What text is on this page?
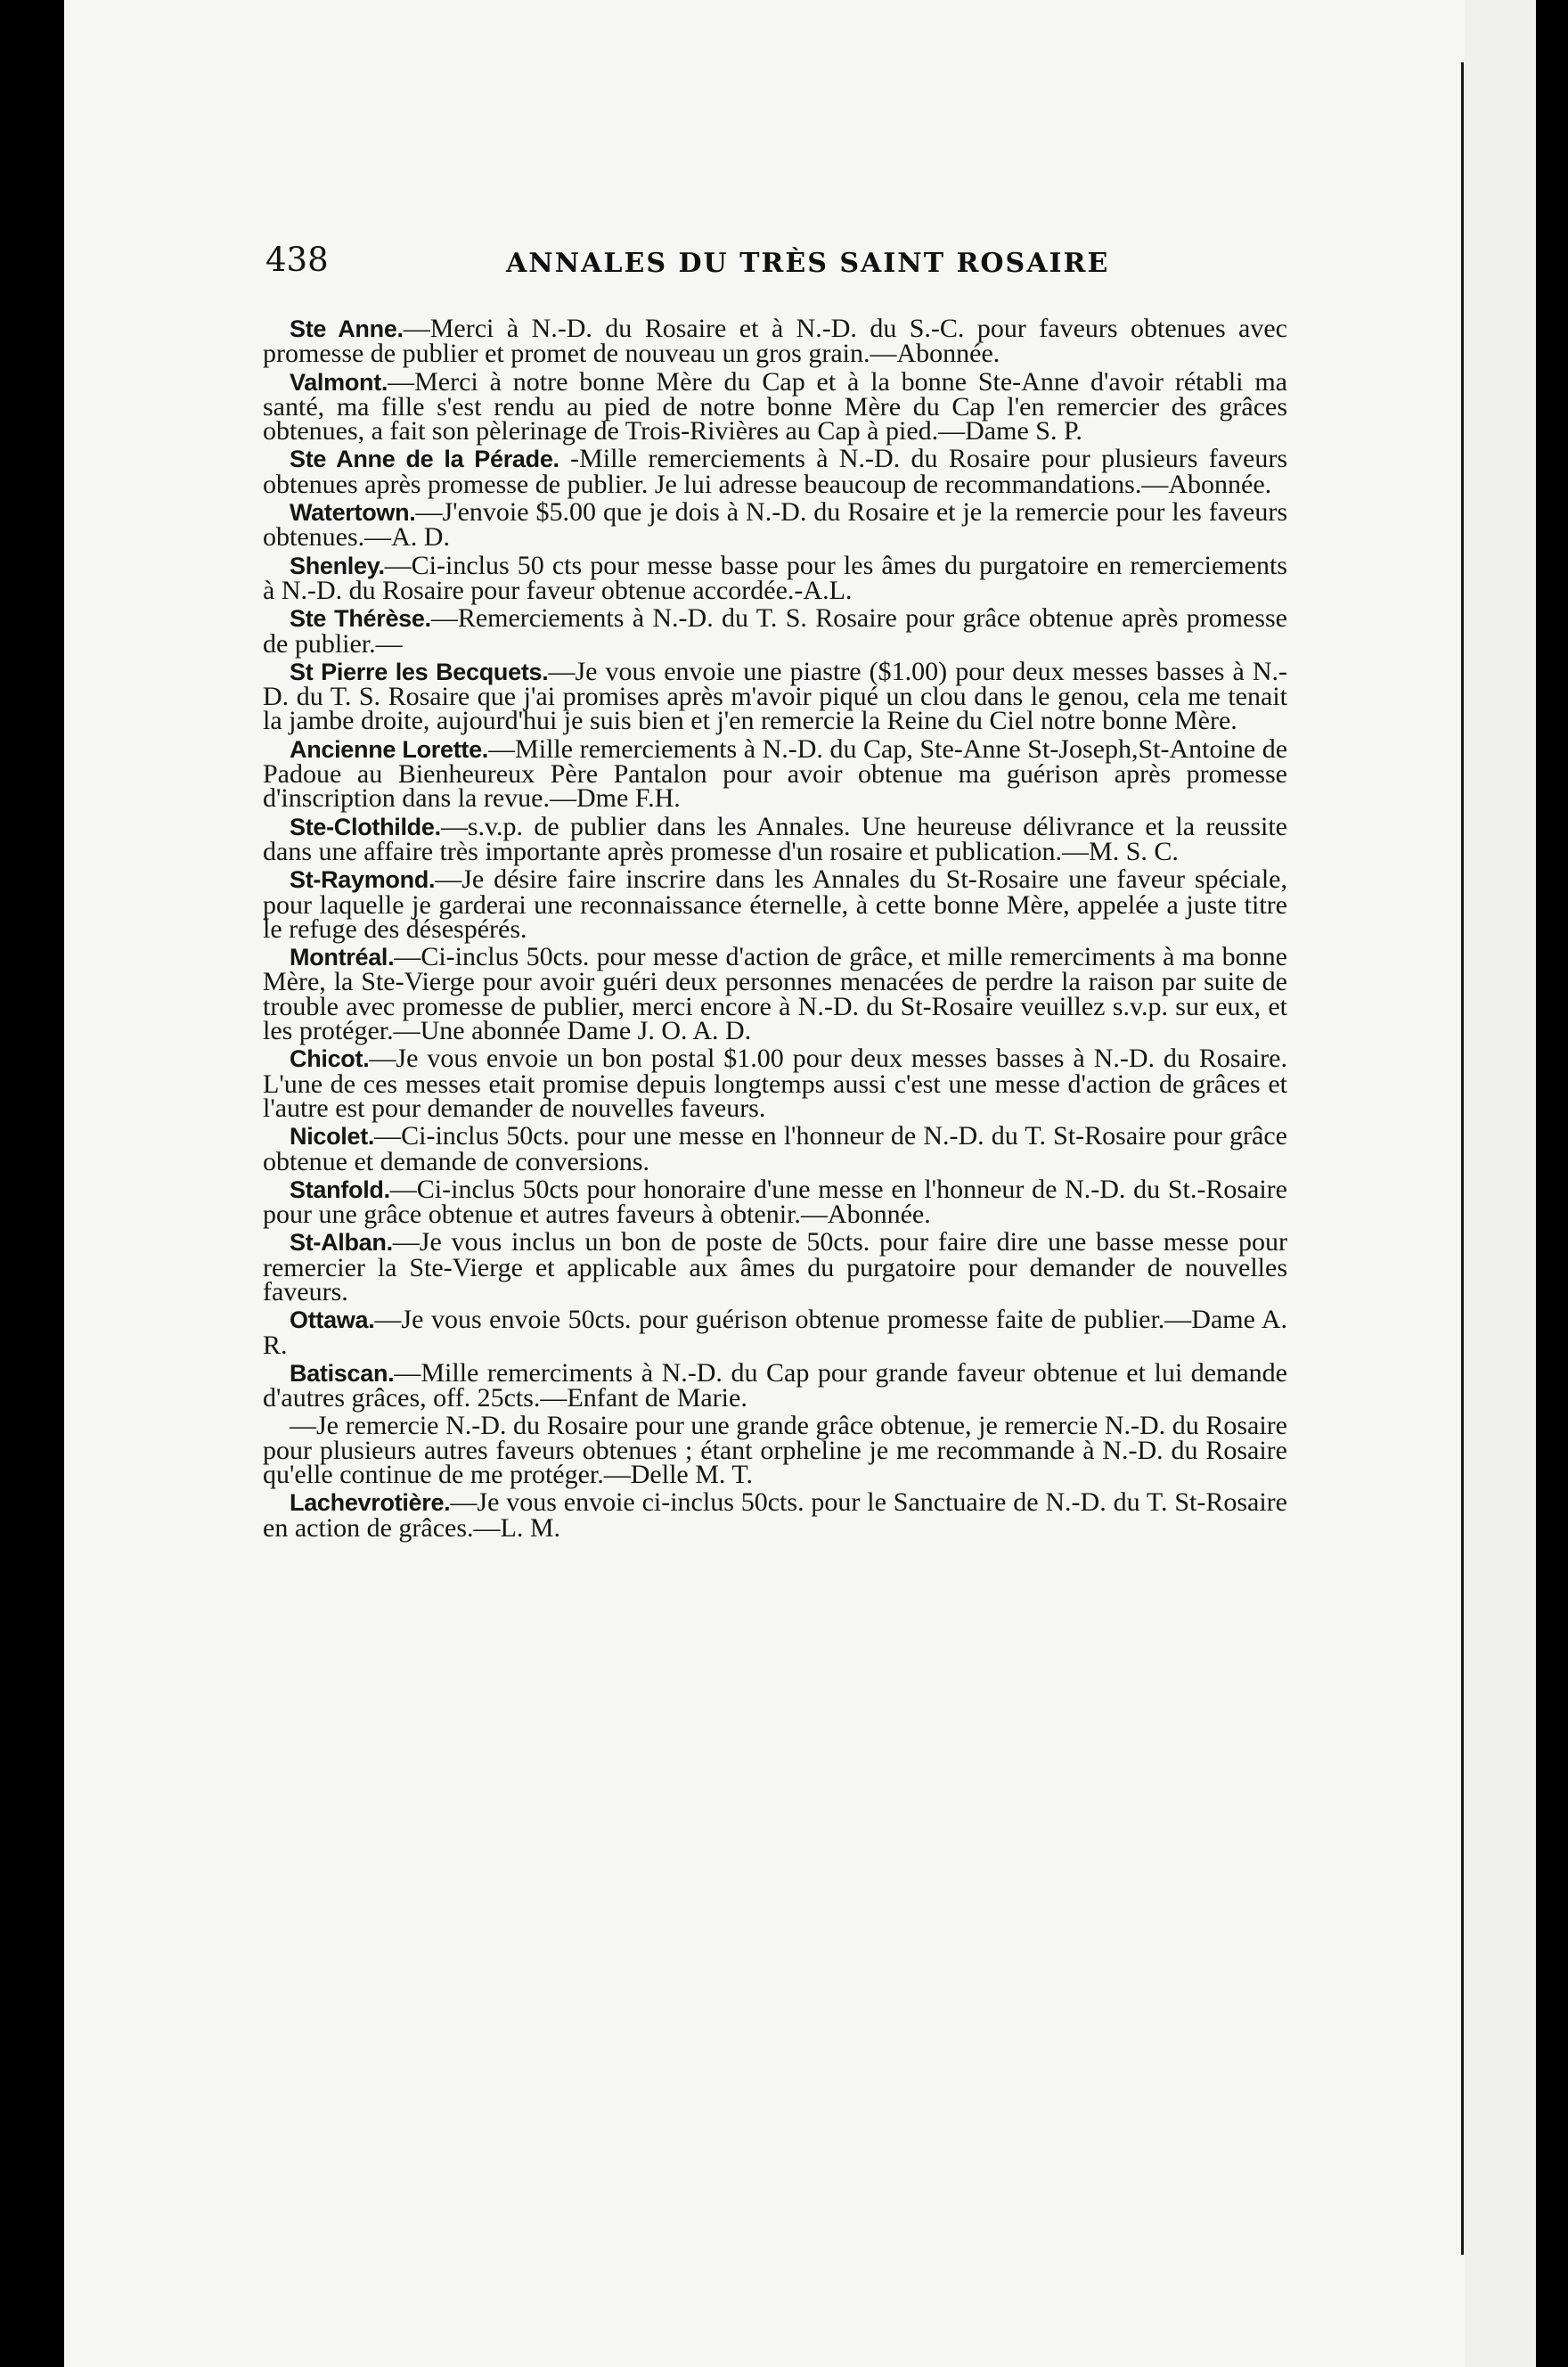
438	ANNALES DU TRÈS SAINT ROSAIRE

Ste Anne.—Merci à N.-D. du Rosaire et à N.-D. du S.-C. pour faveurs obtenues avec promesse de publier et promet de nouveau un gros grain.—Abonnée.

Valmont.—Merci à notre bonne Mère du Cap et à la bonne Ste-Anne d'avoir rétabli ma santé, ma fille s'est rendu au pied de notre bonne Mère du Cap l'en remercier des grâces obtenues, a fait son pèlerinage de Trois-Rivières au Cap à pied.—Dame S. P.

Ste Anne de la Pérade. -Mille remerciements à N.-D. du Rosaire pour plusieurs faveurs obtenues après promesse de publier. Je lui adresse beaucoup de recommandations.—Abonnée.

Watertown.—J'envoie $5.00 que je dois à N.-D. du Rosaire et je la remercie pour les faveurs obtenues.—A. D.

Shenley.—Ci-inclus 50 cts pour messe basse pour les âmes du purgatoire en remerciements à N.-D. du Rosaire pour faveur obtenue accordée.-A.L.

Ste Thérèse.—Remerciements à N.-D. du T. S. Rosaire pour grâce obtenue après promesse de publier.—

St Pierre les Becquets.—Je vous envoie une piastre ($1.00) pour deux messes basses à N.-D. du T. S. Rosaire que j'ai promises après m'avoir piqué un clou dans le genou, cela me tenait la jambe droite, aujourd'hui je suis bien et j'en remercie la Reine du Ciel notre bonne Mère.

Ancienne Lorette.—Mille remerciements à N.-D. du Cap, Ste-Anne St-Joseph,St-Antoine de Padoue au Bienheureux Père Pantalon pour avoir obtenue ma guérison après promesse d'inscription dans la revue.—Dme F.H.

Ste-Clothilde.—s.v.p. de publier dans les Annales. Une heureuse délivrance et la reussite dans une affaire très importante après promesse d'un rosaire et publication.—M. S. C.

St-Raymond.—Je désire faire inscrire dans les Annales du St-Rosaire une faveur spéciale, pour laquelle je garderai une reconnaissance éternelle, à cette bonne Mère, appelée a juste titre le refuge des désespérés.

Montréal.—Ci-inclus 50cts. pour messe d'action de grâce, et mille remerciments à ma bonne Mère, la Ste-Vierge pour avoir guéri deux personnes menacées de perdre la raison par suite de trouble avec promesse de publier, merci encore à N.-D. du St-Rosaire veuillez s.v.p. sur eux, et les protéger.—Une abonnée Dame J. O. A. D.

Chicot.—Je vous envoie un bon postal $1.00 pour deux messes basses à N.-D. du Rosaire. L'une de ces messes etait promise depuis longtemps aussi c'est une messe d'action de grâces et l'autre est pour demander de nouvelles faveurs.

Nicolet.—Ci-inclus 50cts. pour une messe en l'honneur de N.-D. du T. St-Rosaire pour grâce obtenue et demande de conversions.

Stanfold.—Ci-inclus 50cts pour honoraire d'une messe en l'honneur de N.-D. du St.-Rosaire pour une grâce obtenue et autres faveurs à obtenir.—Abonnée.

St-Alban.—Je vous inclus un bon de poste de 50cts. pour faire dire une basse messe pour remercier la Ste-Vierge et applicable aux âmes du purgatoire pour demander de nouvelles faveurs.

Ottawa.—Je vous envoie 50cts. pour guérison obtenue promesse faite de publier.—Dame A. R.

Batiscan.—Mille remerciments à N.-D. du Cap pour grande faveur obtenue et lui demande d'autres grâces, off. 25cts.—Enfant de Marie.

—Je remercie N.-D. du Rosaire pour une grande grâce obtenue, je remercie N.-D. du Rosaire pour plusieurs autres faveurs obtenues ; étant orpheline je me recommande à N.-D. du Rosaire qu'elle continue de me protéger.—Delle M. T.

Lachevrotière.—Je vous envoie ci-inclus 50cts. pour le Sanctuaire de N.-D. du T. St-Rosaire en action de grâces.—L. M.
